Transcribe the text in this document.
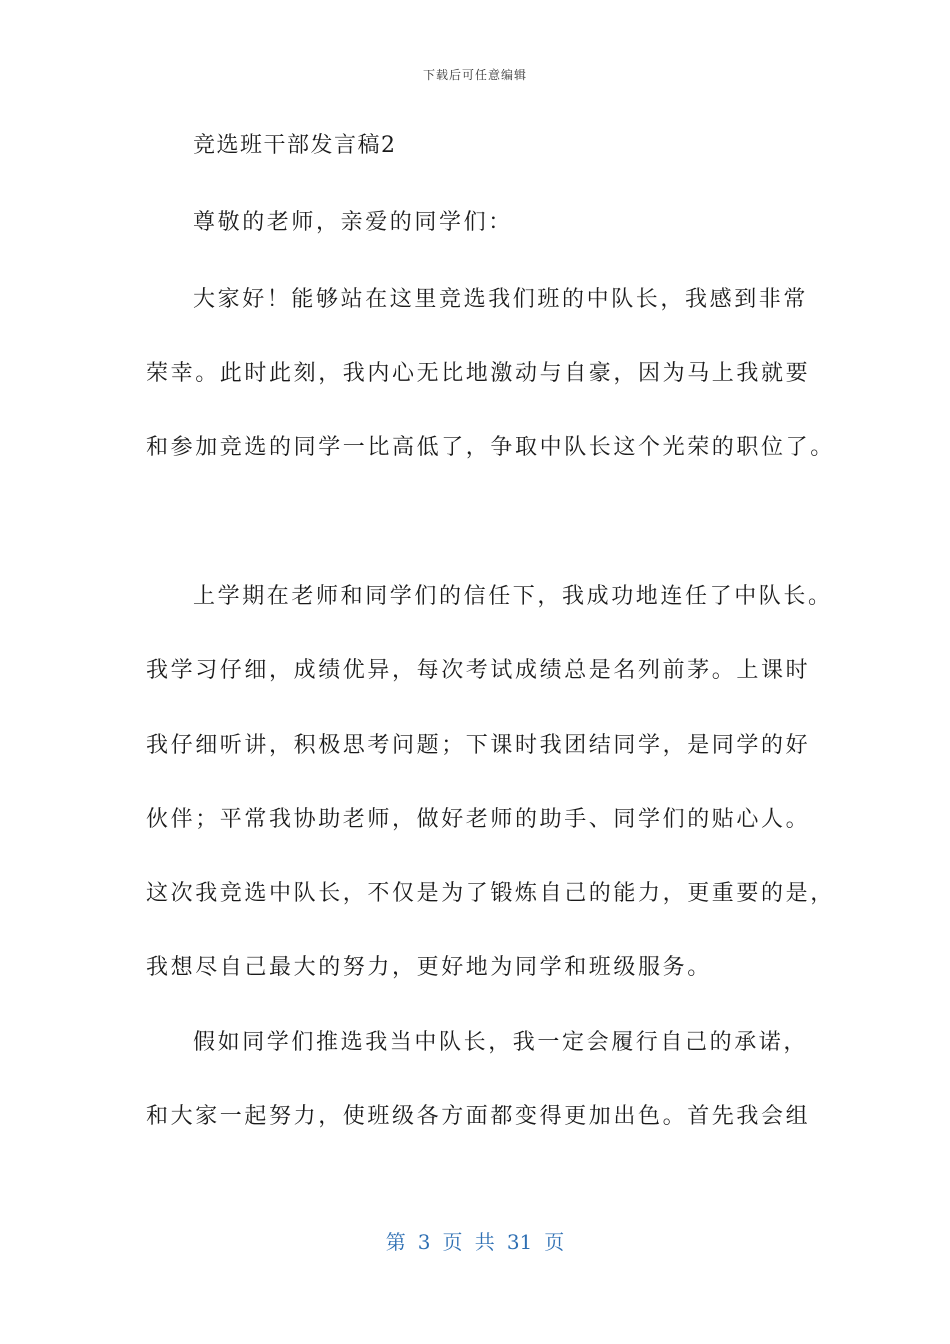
下载后可任意编辑
竞选班干部发言稿2
尊敬的老师，亲爱的同学们：
大家好！能够站在这里竞选我们班的中队长，我感到非常
荣幸。此时此刻，我内心无比地激动与自豪，因为马上我就要
和参加竞选的同学一比高低了，争取中队长这个光荣的职位了。
上学期在老师和同学们的信任下，我成功地连任了中队长。
我学习仔细，成绩优异，每次考试成绩总是名列前茅。上课时
我仔细听讲，积极思考问题；下课时我团结同学，是同学的好
伙伴；平常我协助老师，做好老师的助手、同学们的贴心人。
这次我竞选中队长，不仅是为了锻炼自己的能力，更重要的是，
我想尽自己最大的努力，更好地为同学和班级服务。
假如同学们推选我当中队长，我一定会履行自己的承诺，
和大家一起努力，使班级各方面都变得更加出色。首先我会组
第 3 页 共 31 页
